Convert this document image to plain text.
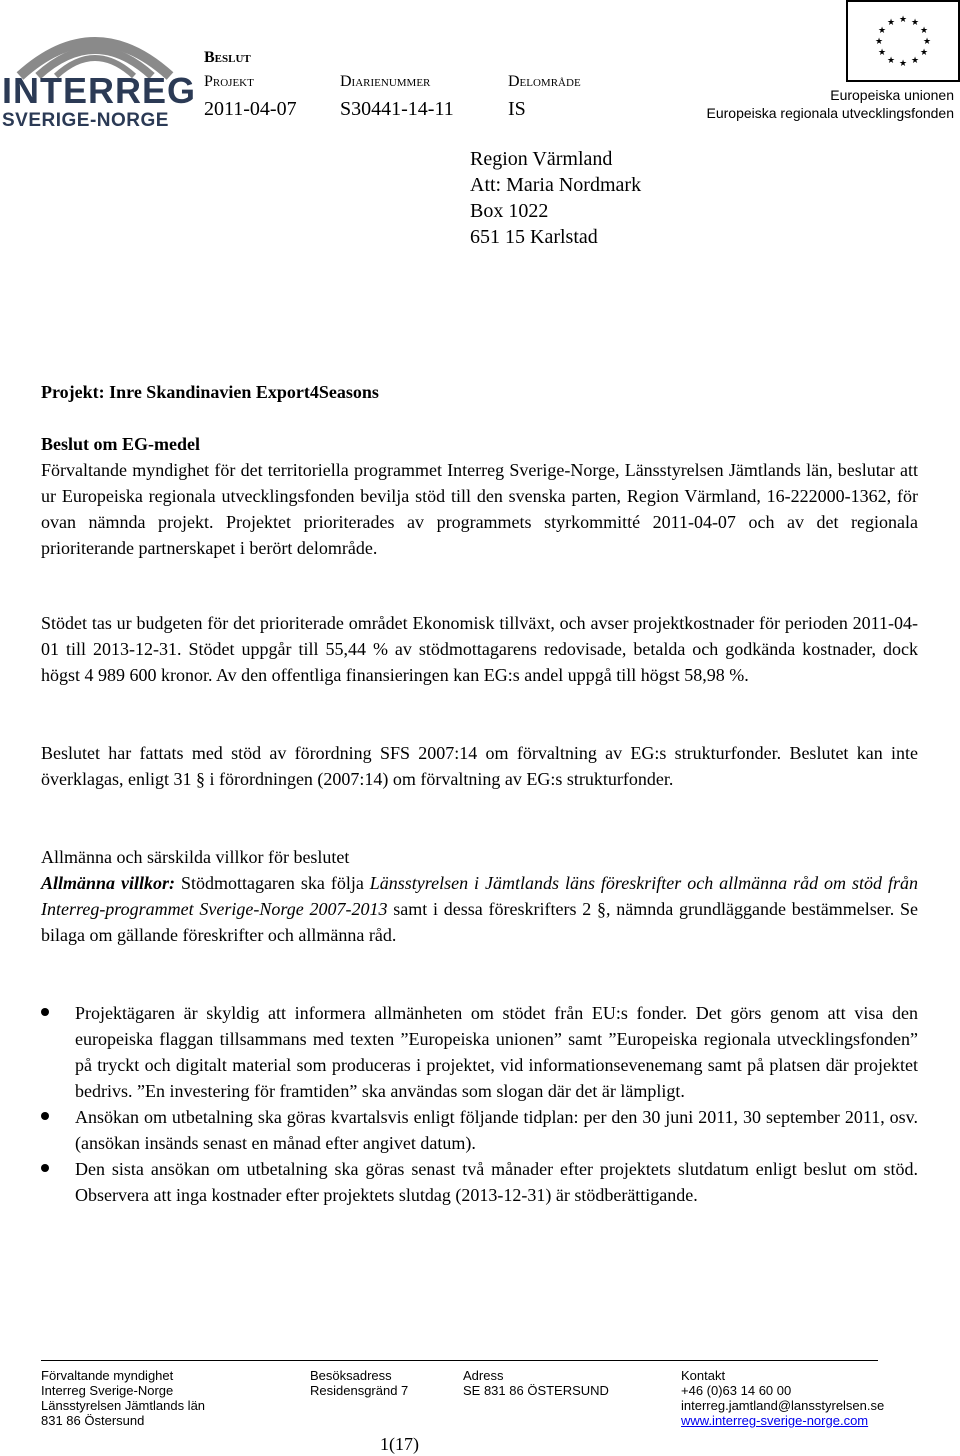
INTERREG
SVERIGE-NORGE
Beslut
Projekt
2011-04-07
Diarienummer
S30441-14-11
Delområde
IS
★ ★
★
★
★
★
★
★
★
★
★
★
Europeiska unionen
Europeiska regionala utvecklingsfonden
Region Värmland
Att: Maria Nordmark
Box 1022
651 15 Karlstad
Projekt: Inre Skandinavien Export4Seasons

Beslut om EG-medel

Förvaltande myndighet för det territoriella programmet Interreg Sverige-Norge, Länsstyrelsen Jämtlands län, beslutar att ur Europeiska regionala utvecklingsfonden bevilja stöd till den svenska parten, Region Värmland, 16-222000-1362, för ovan nämnda projekt. Projektet prioriterades av programmets styrkommitté 2011-04-07 och av det regionala prioriterande partnerskapet i berört delområde.

Stödet tas ur budgeten för det prioriterade området Ekonomisk tillväxt, och avser projektkostnader för perioden 2011-04-01 till 2013-12-31. Stödet uppgår till 55,44 % av stödmottagarens redovisade, betalda och godkända kostnader, dock högst 4 989 600 kronor. Av den offentliga finansieringen kan EG:s andel uppgå till högst 58,98 %.
Beslutet har fattats med stöd av förordning SFS 2007:14 om förvaltning av EG:s strukturfonder. Beslutet kan inte överklagas, enligt 31 § i förordningen (2007:14) om förvaltning av EG:s strukturfonder.

Allmänna och särskilda villkor för beslutet

Allmänna villkor: Stödmottagaren ska följa Länsstyrelsen i Jämtlands läns föreskrifter och allmänna råd om stöd från Interreg-programmet Sverige-Norge 2007-2013 samt i dessa föreskrifters 2 §, nämnda grundläggande bestämmelser. Se bilaga om gällande föreskrifter och allmänna råd.

Projektägaren är skyldig att informera allmänheten om stödet från EU:s fonder. Det görs genom att visa den europeiska flaggan tillsammans med texten ”Europeiska unionen” samt ”Europeiska regionala utvecklingsfonden” på tryckt och digitalt material som produceras i projektet, vid informationsevenemang samt på platsen där projektet bedrivs. ”En investering för framtiden” ska användas som slogan där det är lämpligt.
Ansökan om utbetalning ska göras kvartalsvis enligt följande tidplan: per den 30 juni 2011, 30 september 2011, osv. (ansökan insänds senast en månad efter angivet datum).
Den sista ansökan om utbetalning ska göras senast två månader efter projektets slutdatum enligt beslut om stöd. Observera att inga kostnader efter projektets slutdag (2013-12-31) är stödberättigande.
Förvaltande myndighet
Interreg Sverige-Norge
Länsstyrelsen Jämtlands län
831 86 Östersund
Besöksadress
Residensgränd 7
Adress
SE 831 86 ÖSTERSUND
Kontakt
+46 (0)63 14 60 00
interreg.jamtland@lansstyrelsen.se
www.interreg-sverige-norge.com
1(17)
